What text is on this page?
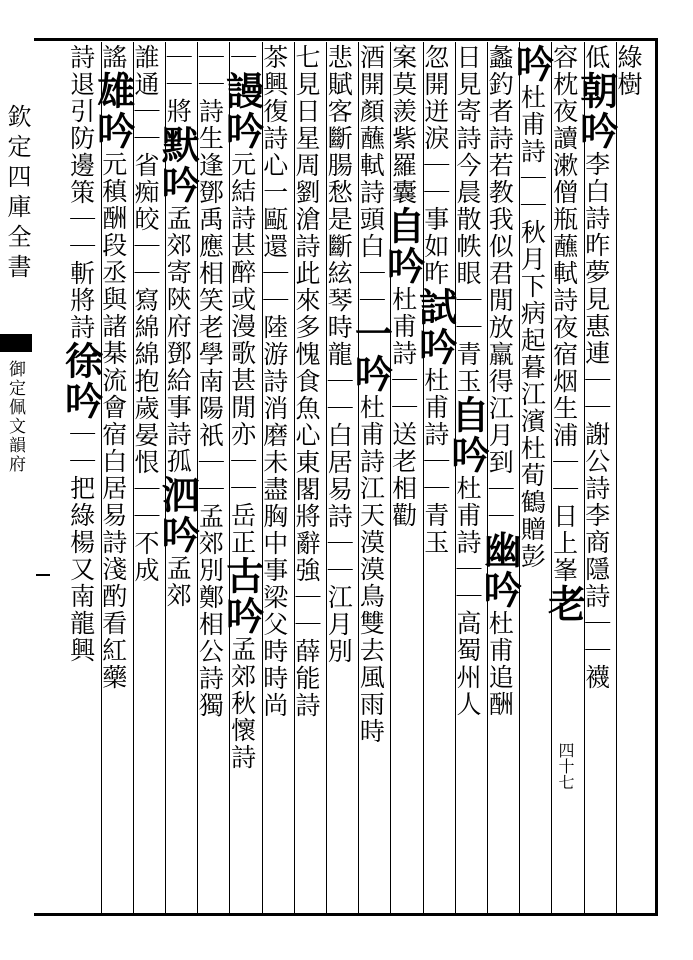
欽定四庫全書
御定佩文韻府
四十七
綠樹
低朝吟李白詩昨夢見惠連｜｜謝公詩李商隱詩｜｜襪
容枕夜讀漱僧瓶蘸軾詩夜宿烟生浦｜｜日上峯老
吟杜甫詩｜｜秋月下病起暮江濱杜荀鶴贈彭
蠡釣者詩若教我似君閒放羸得江月到｜｜幽吟杜甫追酬
日見寄詩今晨散帙眼｜｜青玉自吟杜甫詩｜｜高蜀州人
忽開迸淚｜｜事如昨試吟杜甫詩｜｜青玉
案莫羨紫羅囊自吟杜甫詩｜｜送老相勸
酒開顏蘸軾詩頭白｜｜一吟杜甫詩江天漠漠鳥雙去風雨時
悲賦客斷腸愁是斷絃琴時龍｜｜白居易詩｜｜江月別
七見日星周劉滄詩此來多愧食魚心東閣將辭強｜｜薛能詩
茶興復詩心一甌還｜｜陸游詩消磨未盡胸中事梁父時時尚
｜謾吟元結詩甚醉或漫歌甚閒亦｜｜岳正古吟孟郊秋懷詩
｜｜詩生逢鄧禹應相笑老學南陽祇｜｜孟郊別鄭相公詩獨
｜｜將默吟孟郊寄陝府鄧給事詩孤泗吟孟郊
誰通｜｜省痴皎｜｜寫綿綿抱歲晏恨｜｜不成
謠雄吟元稹酬段丞與諸棊流會宿白居易詩淺酌看紅藥
詩退引防邊策｜｜斬將詩徐吟｜｜把綠楊又南龍興
